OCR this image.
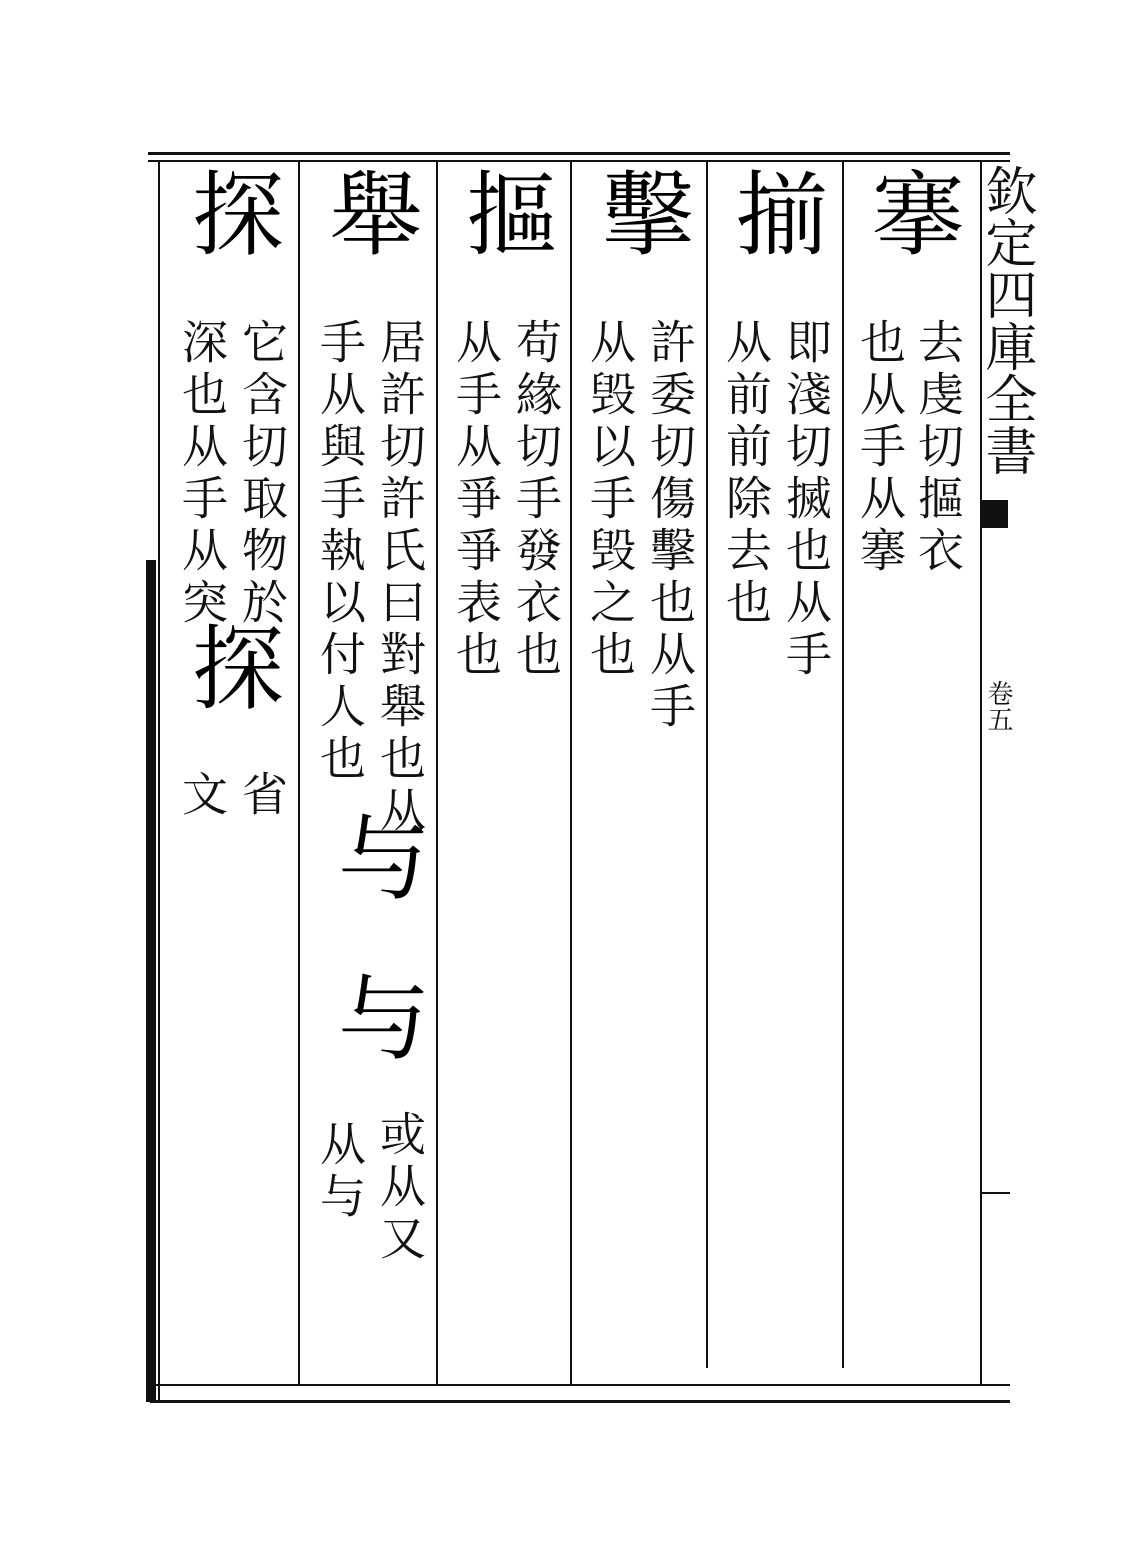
欽定四庫全書
卷五
搴
去虔切摳衣
也从手从搴
揃
即淺切搣也从手
从前前除去也
擊
許委切傷擊也从手
从毁以手毁之也
摳
苟緣切手發衣也
从手从爭爭表也
舉
居許切許氏曰對舉也从
手从與手執以付人也
与
与
或从又
从与
探
它含切取物於
深也从手从突
探
省
文
